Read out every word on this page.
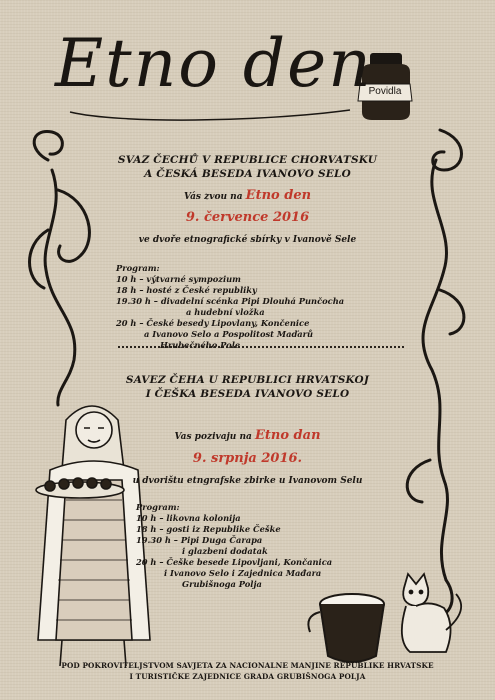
Etno den
Povidla
SVAZ ČECHŮ V REPUBLICE CHORVATSKU
A ČESKÁ BESEDA IVANOVO SELO
Vás zvou na Etno den
9. července 2016
ve dvoře etnografické sbírky v Ivanově Sele
Program:
10 h – výtvarné sympozium
18 h – hosté z České republiky
19.30 h – divadelní scénka Pipi Dlouhá Punčocha
a hudební vložka
20 h – České besedy Lipovlany, Končenice
a Ivanovo Selo a Pospolitost Maďarů
Hrubečného Pole
SAVEZ ČEHA U REPUBLICI HRVATSKOJ
I ČEŠKA BESEDA IVANOVO SELO
Vas pozivaju na Etno dan
9. srpnja 2016.
u dvorištu etngrafske zbirke u Ivanovom Selu
Program:
10 h – likovna kolonija
18 h – gosti iz Republike Češke
19.30 h – Pipi Duga Čarapa
i glazbeni dodatak
20 h – Češke besede Lipovljani, Končanica
i Ivanovo Selo i Zajednica Mađara
Grubišnoga Polja
POD POKROVITELJSTVOM SAVJETA ZA NACIONALNE MANJINE REPUBLIKE HRVATSKE
I TURISTIČKE ZAJEDNICE GRADA GRUBIŠNOGA POLJA
